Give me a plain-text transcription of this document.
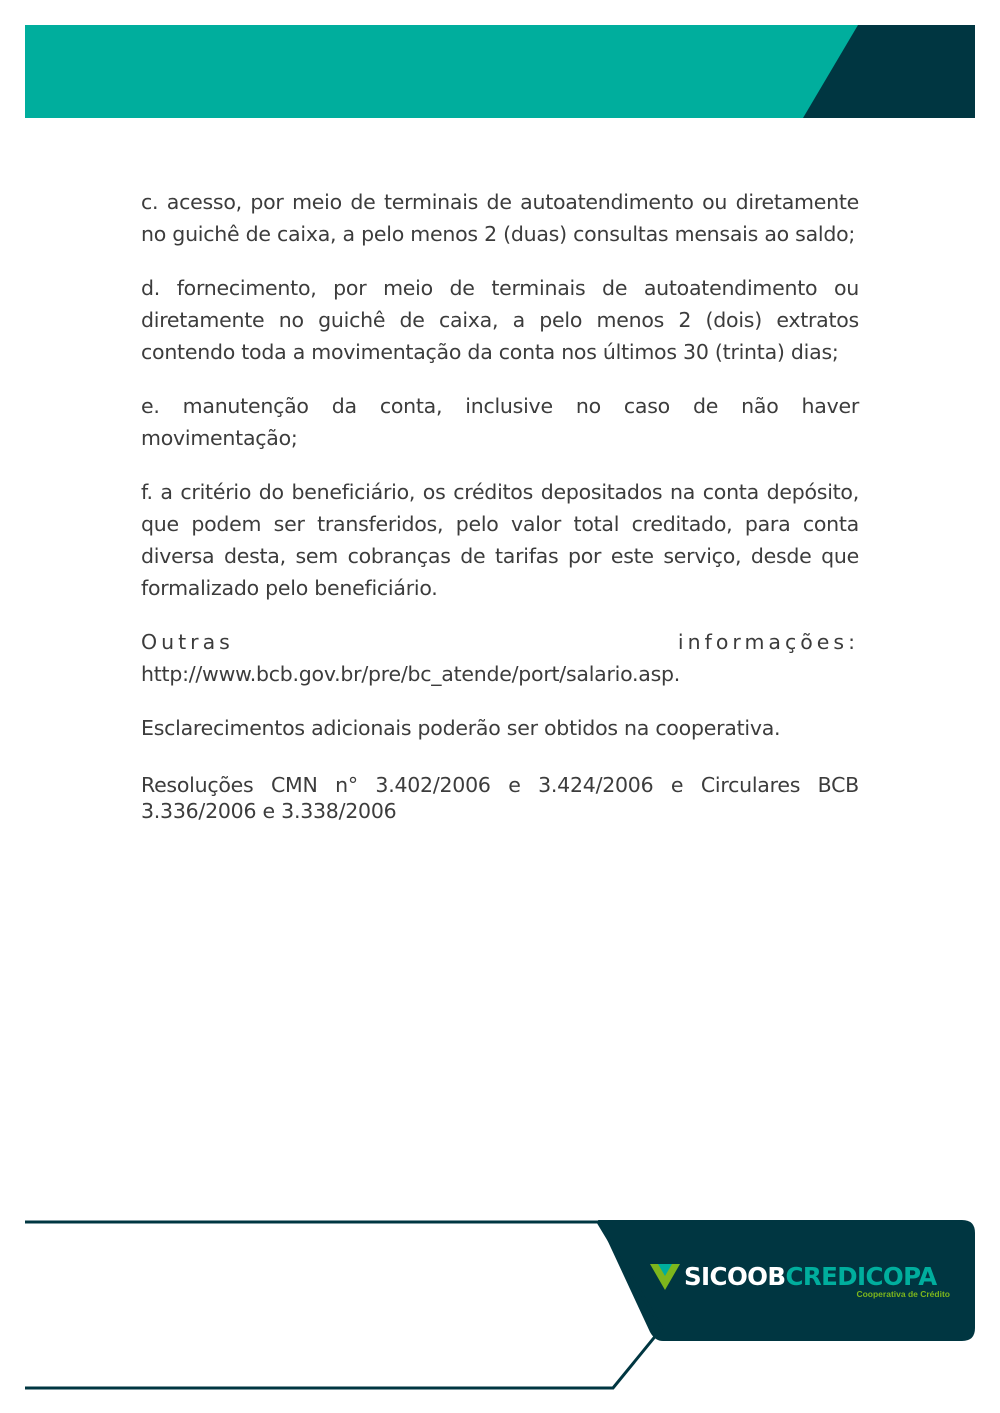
c. acesso, por meio de terminais de autoatendimento ou diretamente no guichê de caixa, a pelo menos 2 (duas) consultas mensais ao saldo;

d. fornecimento, por meio de terminais de autoatendimento ou diretamente no guichê de caixa, a pelo menos 2 (dois) extratos contendo toda a movimentação da conta nos últimos 30 (trinta) dias;

e. manutenção da conta, inclusive no caso de não haver movimentação;

f. a critério do beneficiário, os créditos depositados na conta depósito, que podem ser transferidos, pelo valor total creditado, para conta diversa desta, sem cobranças de tarifas por este serviço, desde que formalizado pelo beneficiário.

Outras informações:

http://www.bcb.gov.br/pre/bc_atende/port/salario.asp.

Esclarecimentos adicionais poderão ser obtidos na cooperativa.

Resoluções CMN n° 3.402/2006 e 3.424/2006 e Circulares BCB 3.336/2006 e 3.338/2006

SICOOBCREDICOPA
Cooperativa de Crédito
